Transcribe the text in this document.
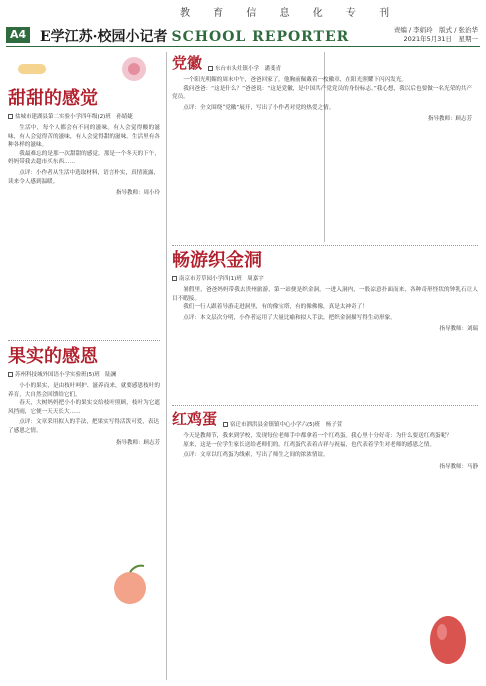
教 育 信 息 化 专 刊
A4 E学江苏·校园小记者 SCHOOL REPORTER	责编 / 李娟玲　版式 / 张治华
2021年5月31日　星期一
甜甜的感觉
盐城市建湖县第二实验小学四年级(2)班　孙婧婕

生活中，每个人都会有不同的滋味。有人会觉得酸的滋味，有人会觉得苦的滋味，有人会觉得甜的滋味。生活里有各种各样的滋味。

我最难忘的是那一次甜甜的感觉。那是一个冬天的下午，妈妈带我去超市买东西……

点评：小作者从生活中选取材料，语言朴实，真情流露，读来令人感到温暖。
指导教师：周小玲
果实的感恩
苏州科技城外国语小学实验班(5)班　陆澜

小小的果实，是由枝叶呵护、滋养而来，就要感恩枝叶的养育，大自然会回馈给它们。

春天，大树妈妈把小小的果实交给枝叶照顾，枝叶为它遮风挡雨，它便一天天长大……

点评：文章采用拟人的手法，把果实写得活泼可爱，表达了感恩之情。
指导教师：顾志芳
党徽	东台市头灶镇小学　潘斐青

一个阳光明媚的周末中午，爸爸回家了。他胸前佩戴着一枚徽章，在阳光照耀下闪闪发光。

我问爸爸：“这是什么？”爸爸说：“这是党徽，是中国共产党党员的身份标志。”我心想，我以后也要做一名光荣的共产党员。

点评：全文围绕“党徽”展开，写出了小作者对党的热爱之情。
指导教师：顾志芳
畅游织金洞
南京市芳草园小学四(1)班　周嘉宇

暑假里，爸爸妈妈带我去贵州旅游，第一站便是织金洞。一进入洞内，一股凉意扑面而来，各种奇形怪状的钟乳石让人目不暇接。

我们一行人跟着导游走进洞里，有的像宝塔，有的像佛像，真是太神奇了！

点评：本文层次分明，小作者运用了大量比喻和拟人手法，把织金洞描写得生动形象。
指导教师：刘瑞
红鸡蛋	宿迁市泗洪县金镇镇中心小学六(5)班　杨子萱

今天是教师节，我来到学校，发现每位老师手中都拿着一个红鸡蛋。我心里十分好奇：为什么要送红鸡蛋呢？

原来，这是一位学生家长送给老师们的。红鸡蛋代表着吉祥与祝福，也代表着学生对老师的感恩之情。

点评：文章以红鸡蛋为线索，写出了师生之间的浓浓情谊。
指导教师：马静
